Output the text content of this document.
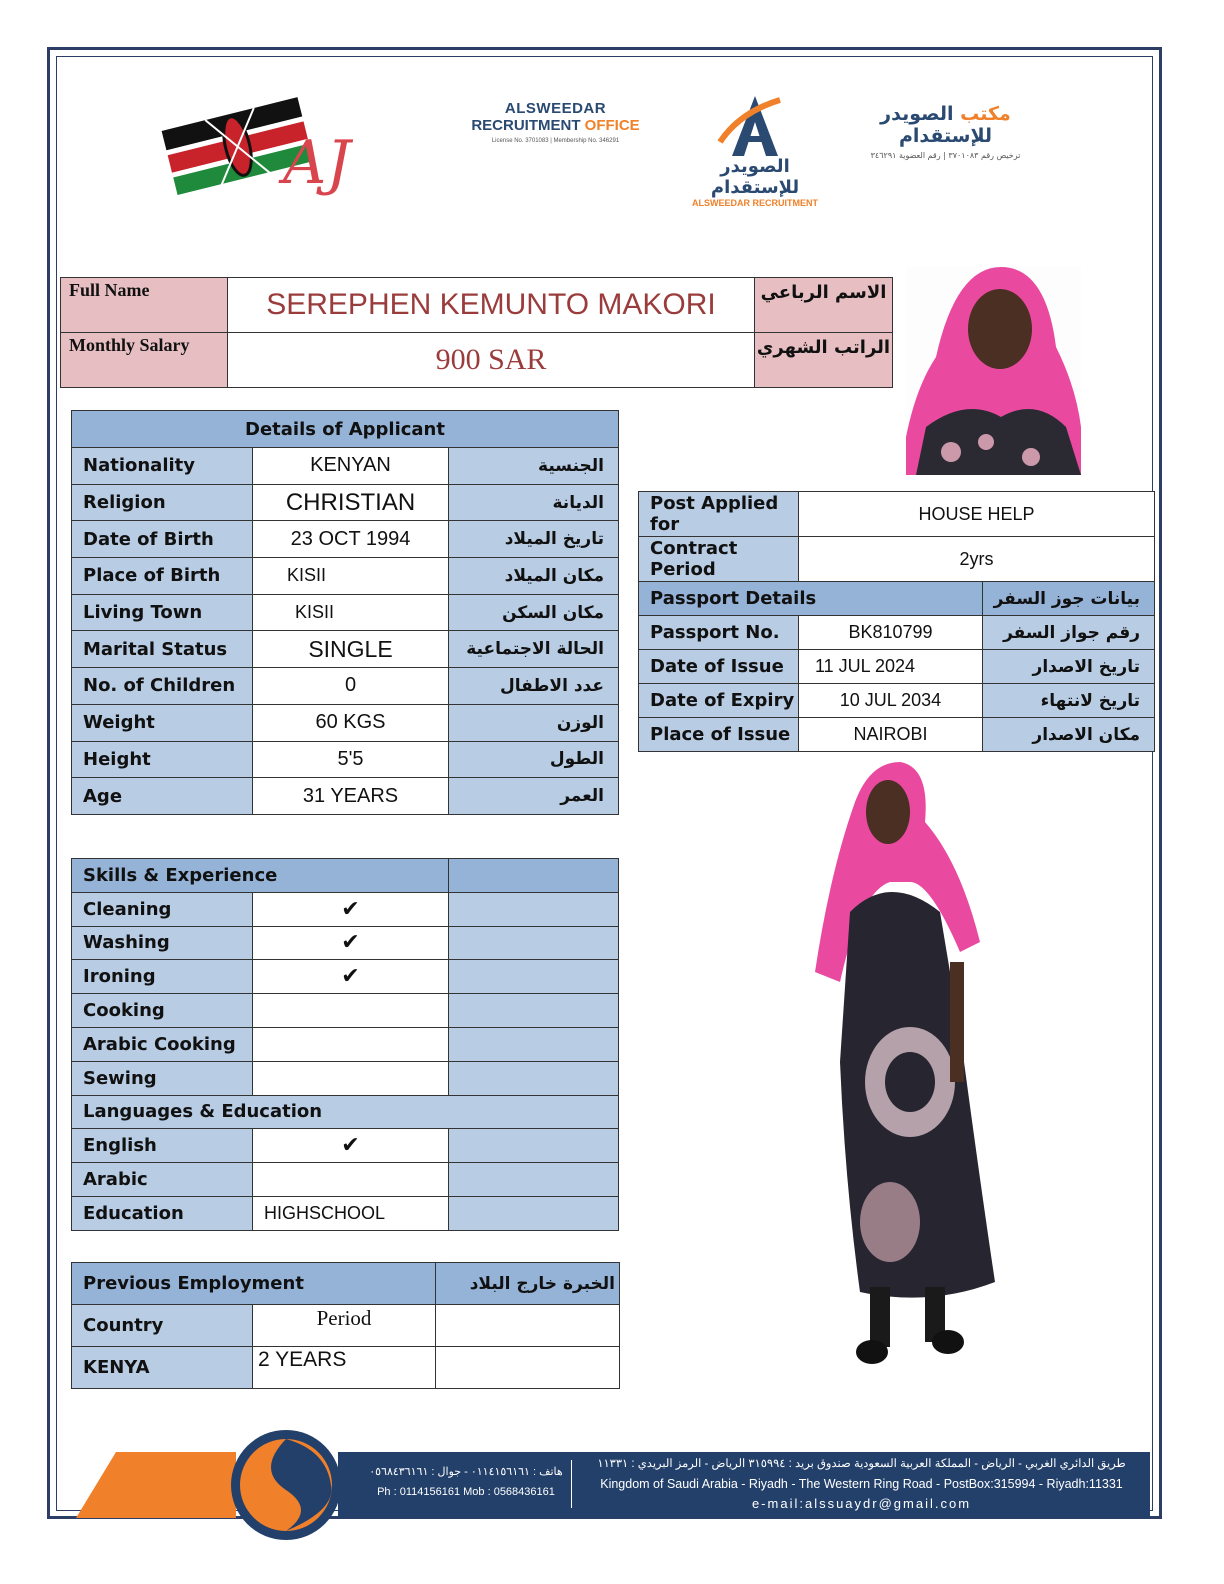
AJ
ALSWEEDAR
RECRUITMENT OFFICE
License No. 3701083 | Membership No. 346291
الصويدر للإستقدام
ALSWEEDAR RECRUITMENT
مكتب الصويدر للإستقدام
ترخيص رقم ٣٧٠١٠٨٣ | رقم العضوية ٣٤٦٢٩١
Full Name	SEREPHEN KEMUNTO MAKORI	الاسم الرباعي
Monthly Salary	900 SAR	الراتب الشهري
Details of Applicant		
Nationality	KENYAN	الجنسية
Religion	CHRISTIAN	الديانة
Date of Birth	23 OCT 1994	تاريخ الميلاد
Place of Birth	KISII	مكان الميلاد
Living Town	KISII	مكان السكن
Marital Status	SINGLE	الحالة الاجتماعية
No. of Children	0	عدد الاطفال
Weight	60 KGS	الوزن
Height	5'5	الطول
Age	31 YEARS	العمر
Post Applied for	HOUSE HELP	
Contract Period	2yrs	
Passport Details		بيانات جوز السفر
Passport No.	BK810799	رقم جواز السفر
Date of Issue	11 JUL 2024	تاريخ الاصدار
Date of Expiry	10 JUL 2034	تاريخ لانتهاء
Place of Issue	NAIROBI	مكان الاصدار
Skills & Experience		
Cleaning	✔	
Washing	✔	
Ironing	✔	
Cooking		
Arabic Cooking		
Sewing		
Languages & Education		
English	✔	
Arabic		
Education	HIGHSCHOOL	
Previous Employment		الخبرة خارج البلاد
Country	Period	
KENYA	2 YEARS	
هاتف : ٠١١٤١٥٦١٦١ - جوال : ٠٥٦٨٤٣٦١٦١
Ph : 0114156161 Mob : 0568436161
طريق الدائري الغربي - الرياض - المملكة العربية السعودية صندوق بريد : ٣١٥٩٩٤ الرياض - الرمز البريدي : ١١٣٣١
Kingdom of Saudi Arabia - Riyadh - The Western Ring Road - PostBox:315994 - Riyadh:11331
e-mail:alssuaydr@gmail.com
